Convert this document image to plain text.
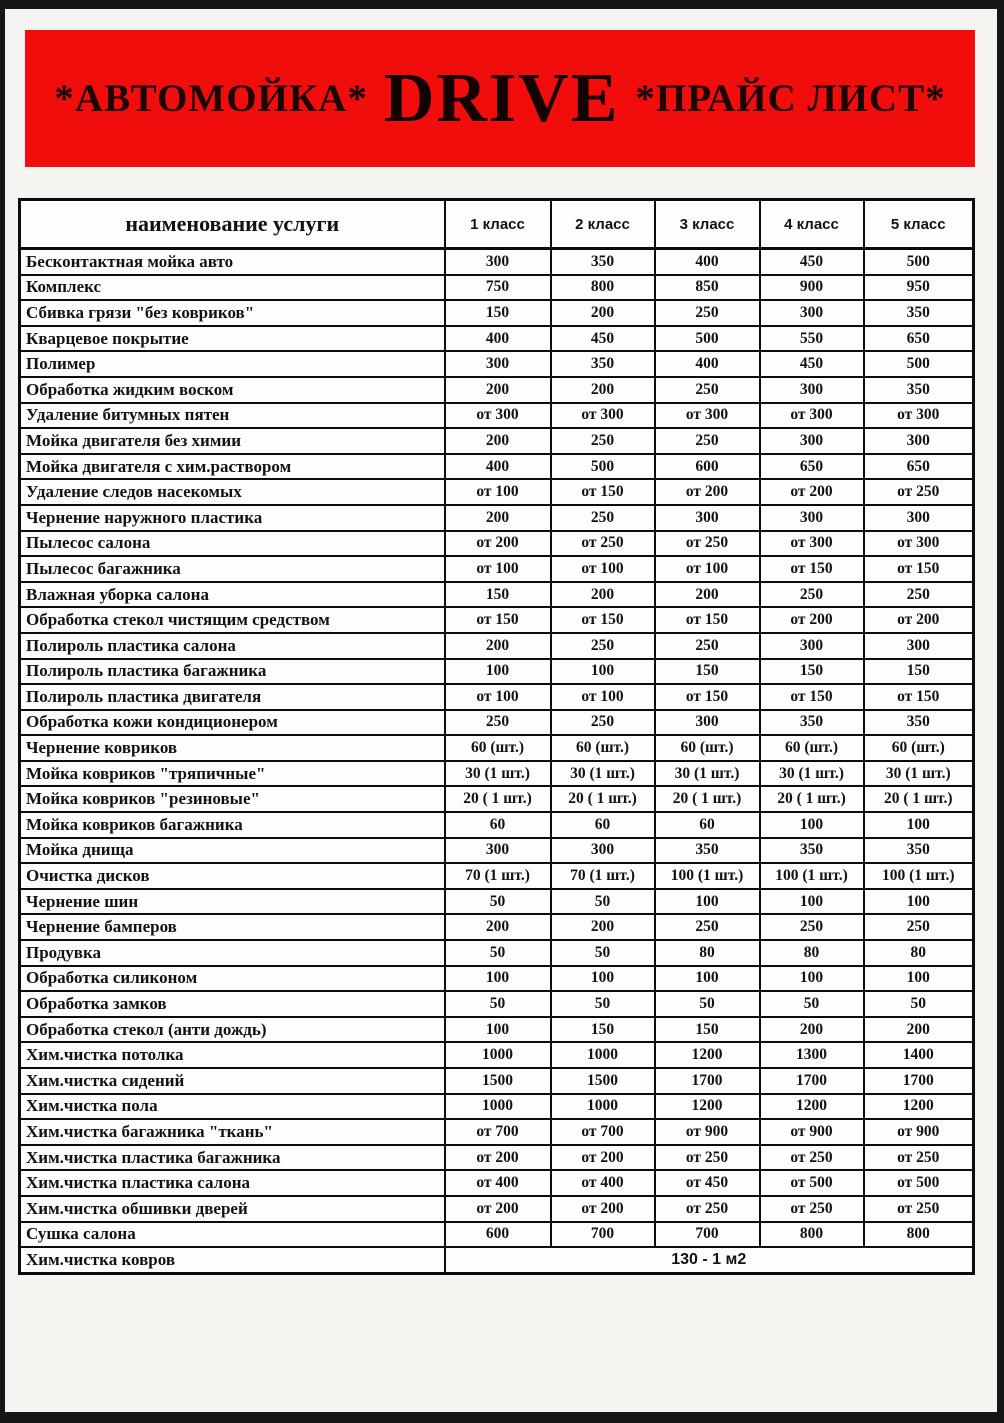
*АВТОМОЙКА* DRIVE *ПРАЙС ЛИСТ*
наименование услуги	1 класс	2 класс	3 класс	4 класс	5 класс
Бесконтактная мойка авто	300	350	400	450	500
Комплекс	750	800	850	900	950
Сбивка грязи "без ковриков"	150	200	250	300	350
Кварцевое покрытие	400	450	500	550	650
Полимер	300	350	400	450	500
Обработка жидким воском	200	200	250	300	350
Удаление битумных пятен	от 300	от 300	от 300	от 300	от 300
Мойка двигателя без химии	200	250	250	300	300
Мойка двигателя с хим.раствором	400	500	600	650	650
Удаление следов насекомых	от 100	от 150	от 200	от 200	от 250
Чернение наружного пластика	200	250	300	300	300
Пылесос салона	от 200	от 250	от 250	от 300	от 300
Пылесос багажника	от 100	от 100	от 100	от 150	от 150
Влажная уборка салона	150	200	200	250	250
Обработка стекол чистящим средством	от 150	от 150	от 150	от 200	от 200
Полироль пластика салона	200	250	250	300	300
Полироль пластика багажника	100	100	150	150	150
Полироль пластика двигателя	от 100	от 100	от 150	от 150	от 150
Обработка кожи кондиционером	250	250	300	350	350
Чернение ковриков	60 (шт.)	60 (шт.)	60 (шт.)	60 (шт.)	60 (шт.)
Мойка ковриков "тряпичные"	30 (1 шт.)	30 (1 шт.)	30 (1 шт.)	30 (1 шт.)	30 (1 шт.)
Мойка ковриков "резиновые"	20 ( 1 шт.)	20 ( 1 шт.)	20 ( 1 шт.)	20 ( 1 шт.)	20 ( 1 шт.)
Мойка ковриков багажника	60	60	60	100	100
Мойка днища	300	300	350	350	350
Очистка дисков	70 (1 шт.)	70 (1 шт.)	100 (1 шт.)	100 (1 шт.)	100 (1 шт.)
Чернение шин	50	50	100	100	100
Чернение бамперов	200	200	250	250	250
Продувка	50	50	80	80	80
Обработка силиконом	100	100	100	100	100
Обработка замков	50	50	50	50	50
Обработка стекол (анти дождь)	100	150	150	200	200
Хим.чистка потолка	1000	1000	1200	1300	1400
Хим.чистка сидений	1500	1500	1700	1700	1700
Хим.чистка пола	1000	1000	1200	1200	1200
Хим.чистка багажника "ткань"	от 700	от 700	от 900	от 900	от 900
Хим.чистка пластика багажника	от 200	от 200	от 250	от 250	от 250
Хим.чистка пластика салона	от 400	от 400	от 450	от 500	от 500
Хим.чистка обшивки дверей	от 200	от 200	от 250	от 250	от 250
Сушка салона	600	700	700	800	800
Хим.чистка ковров	130 - 1 м2				
